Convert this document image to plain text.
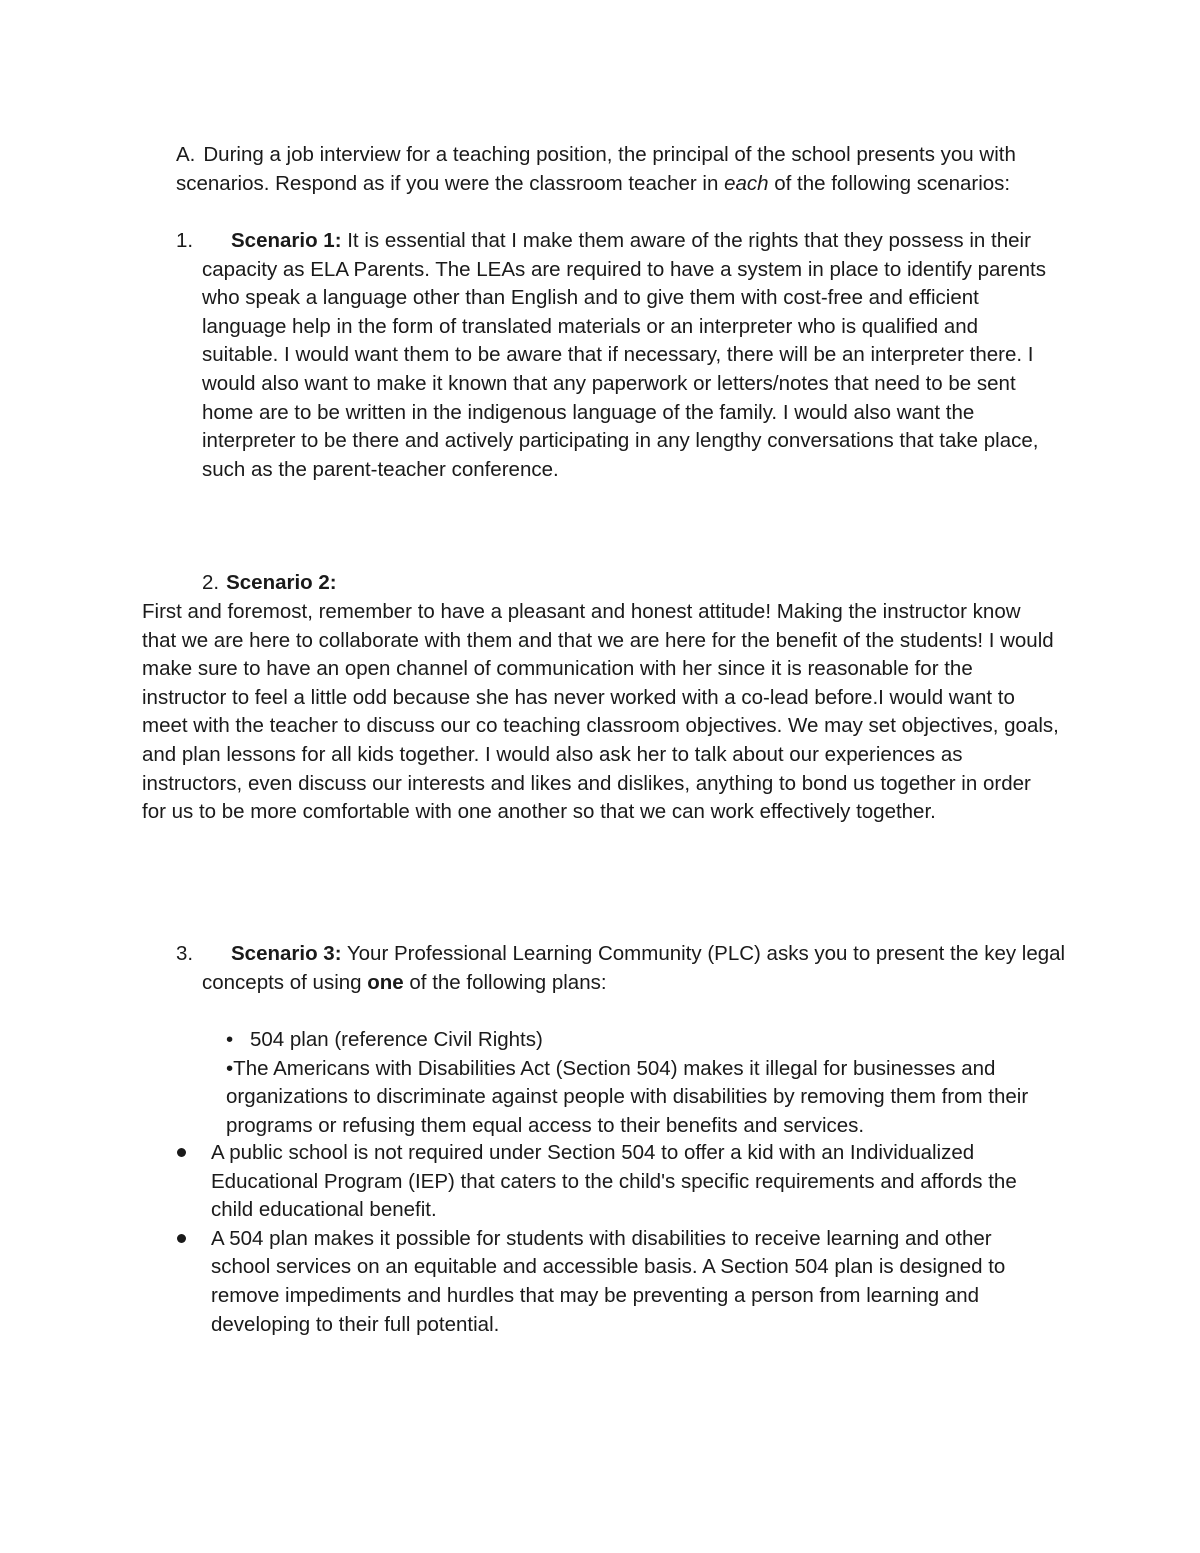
A. During a job interview for a teaching position, the principal of the school presents you with scenarios. Respond as if you were the classroom teacher in each of the following scenarios:

1.	Scenario 1: It is essential that I make them aware of the rights that they possess in their capacity as ELA Parents. The LEAs are required to have a system in place to identify parents who speak a language other than English and to give them with cost-free and efficient language help in the form of translated materials or an interpreter who is qualified and suitable. I would want them to be aware that if necessary, there will be an interpreter there. I would also want to make it known that any paperwork or letters/notes that need to be sent home are to be written in the indigenous language of the family. I would also want the interpreter to be there and actively participating in any lengthy conversations that take place, such as the parent-teacher conference.

2. Scenario 2:

First and foremost, remember to have a pleasant and honest attitude! Making the instructor know that we are here to collaborate with them and that we are here for the benefit of the students! I would make sure to have an open channel of communication with her since it is reasonable for the instructor to feel a little odd because she has never worked with a co-lead before.I would want to meet with the teacher to discuss our co teaching classroom objectives. We may set objectives, goals, and plan lessons for all kids together. I would also ask her to talk about our experiences as instructors, even discuss our interests and likes and dislikes, anything to bond us together in order for us to be more comfortable with one another so that we can work effectively together.

3.	Scenario 3: Your Professional Learning Community (PLC) asks you to present the key legal concepts of using one of the following plans:

• 504 plan (reference Civil Rights)

•The Americans with Disabilities Act (Section 504) makes it illegal for businesses and organizations to discriminate against people with disabilities by removing them from their programs or refusing them equal access to their benefits and services.

A public school is not required under Section 504 to offer a kid with an Individualized Educational Program (IEP) that caters to the child's specific requirements and affords the child educational benefit.

A 504 plan makes it possible for students with disabilities to receive learning and other school services on an equitable and accessible basis. A Section 504 plan is designed to remove impediments and hurdles that may be preventing a person from learning and developing to their full potential.
